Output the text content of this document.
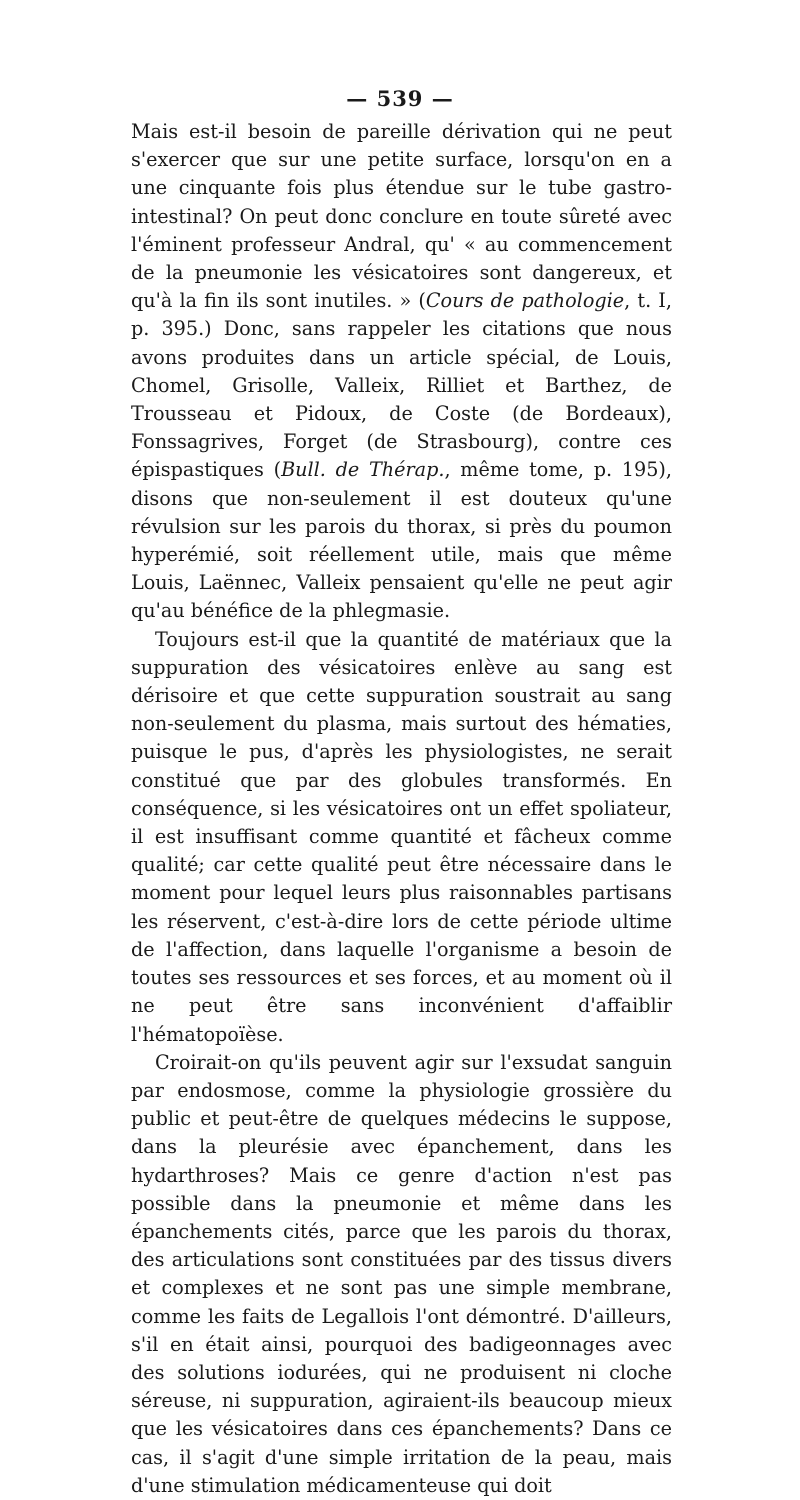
— 539 —

Mais est-il besoin de pareille dérivation qui ne peut s'exercer que sur une petite surface, lorsqu'on en a une cinquante fois plus étendue sur le tube gastro-intestinal? On peut donc conclure en toute sûreté avec l'éminent professeur Andral, qu' « au commencement de la pneumonie les vésicatoires sont dangereux, et qu'à la fin ils sont inutiles. » (Cours de pathologie, t. I, p. 395.) Donc, sans rappeler les citations que nous avons produites dans un article spécial, de Louis, Chomel, Grisolle, Valleix, Rilliet et Barthez, de Trousseau et Pidoux, de Coste (de Bordeaux), Fonssagrives, Forget (de Strasbourg), contre ces épispastiques (Bull. de Thérap., même tome, p. 195), disons que non-seulement il est douteux qu'une révulsion sur les parois du thorax, si près du poumon hyperémié, soit réellement utile, mais que même Louis, Laënnec, Valleix pensaient qu'elle ne peut agir qu'au bénéfice de la phlegmasie.

Toujours est-il que la quantité de matériaux que la suppuration des vésicatoires enlève au sang est dérisoire et que cette suppuration soustrait au sang non-seulement du plasma, mais surtout des hématies, puisque le pus, d'après les physiologistes, ne serait constitué que par des globules transformés. En conséquence, si les vésicatoires ont un effet spoliateur, il est insuffisant comme quantité et fâcheux comme qualité; car cette qualité peut être nécessaire dans le moment pour lequel leurs plus raisonnables partisans les réservent, c'est-à-dire lors de cette période ultime de l'affection, dans laquelle l'organisme a besoin de toutes ses ressources et ses forces, et au moment où il ne peut être sans inconvénient d'affaiblir l'hématopoïèse.

Croirait-on qu'ils peuvent agir sur l'exsudat sanguin par endosmose, comme la physiologie grossière du public et peut-être de quelques médecins le suppose, dans la pleurésie avec épanchement, dans les hydarthroses? Mais ce genre d'action n'est pas possible dans la pneumonie et même dans les épanchements cités, parce que les parois du thorax, des articulations sont constituées par des tissus divers et complexes et ne sont pas une simple membrane, comme les faits de Legallois l'ont démontré. D'ailleurs, s'il en était ainsi, pourquoi des badigeonnages avec des solutions iodurées, qui ne produisent ni cloche séreuse, ni suppuration, agiraient-ils beaucoup mieux que les vésicatoires dans ces épanchements? Dans ce cas, il s'agit d'une simple irritation de la peau, mais d'une stimulation médicamenteuse qui doit
